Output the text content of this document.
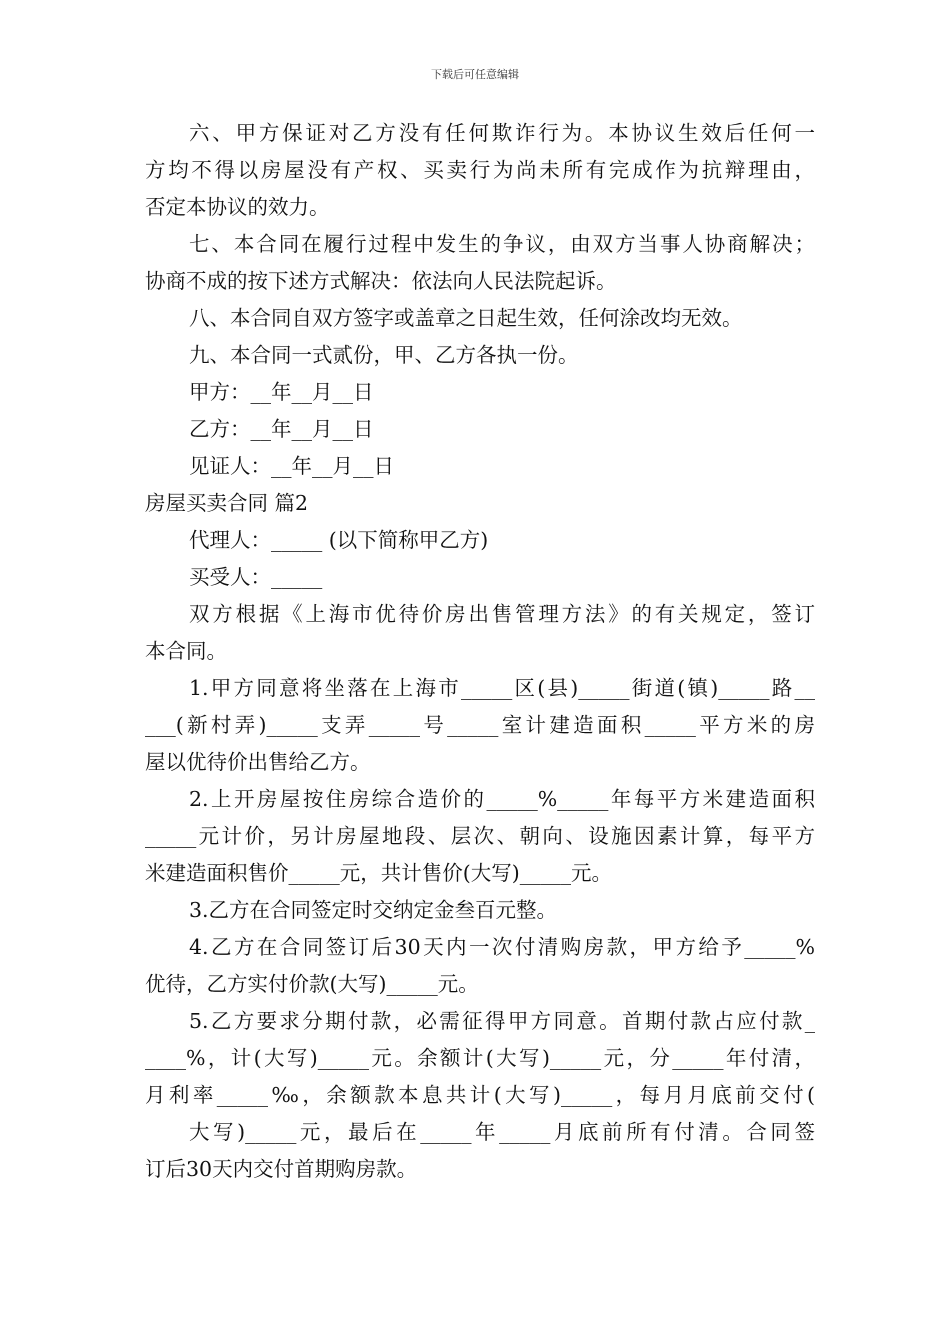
下载后可任意编辑
六、甲方保证对乙方没有任何欺诈行为。本协议生效后任何一
方均不得以房屋没有产权、买卖行为尚未所有完成作为抗辩理由，
否定本协议的效力。
七、本合同在履行过程中发生的争议，由双方当事人协商解决；
协商不成的按下述方式解决：依法向人民法院起诉。
八、本合同自双方签字或盖章之日起生效，任何涂改均无效。
九、本合同一式贰份，甲、乙方各执一份。
甲方：__年__月__日
乙方：__年__月__日
见证人：__年__月__日
房屋买卖合同 篇2
代理人：_____ (以下简称甲乙方)
买受人：_____
双方根据《上海市优待价房出售管理方法》的有关规定，签订
本合同。
1.甲方同意将坐落在上海市_____区(县)_____街道(镇)_____路__
___(新村弄)_____支弄_____号_____室计建造面积_____平方米的房
屋以优待价出售给乙方。
2.上开房屋按住房综合造价的_____%_____年每平方米建造面积
_____元计价，另计房屋地段、层次、朝向、设施因素计算，每平方
米建造面积售价_____元，共计售价(大写)_____元。
3.乙方在合同签定时交纳定金叁百元整。
4.乙方在合同签订后30天内一次付清购房款，甲方给予_____%
优待，乙方实付价款(大写)_____元。
5.乙方要求分期付款，必需征得甲方同意。首期付款占应付款_
____%，计(大写)_____元。余额计(大写)_____元，分_____年付清，
月利率_____‰，余额款本息共计(大写)_____，每月月底前交付(
大写)_____元，最后在_____年_____月底前所有付清。合同签
订后30天内交付首期购房款。
